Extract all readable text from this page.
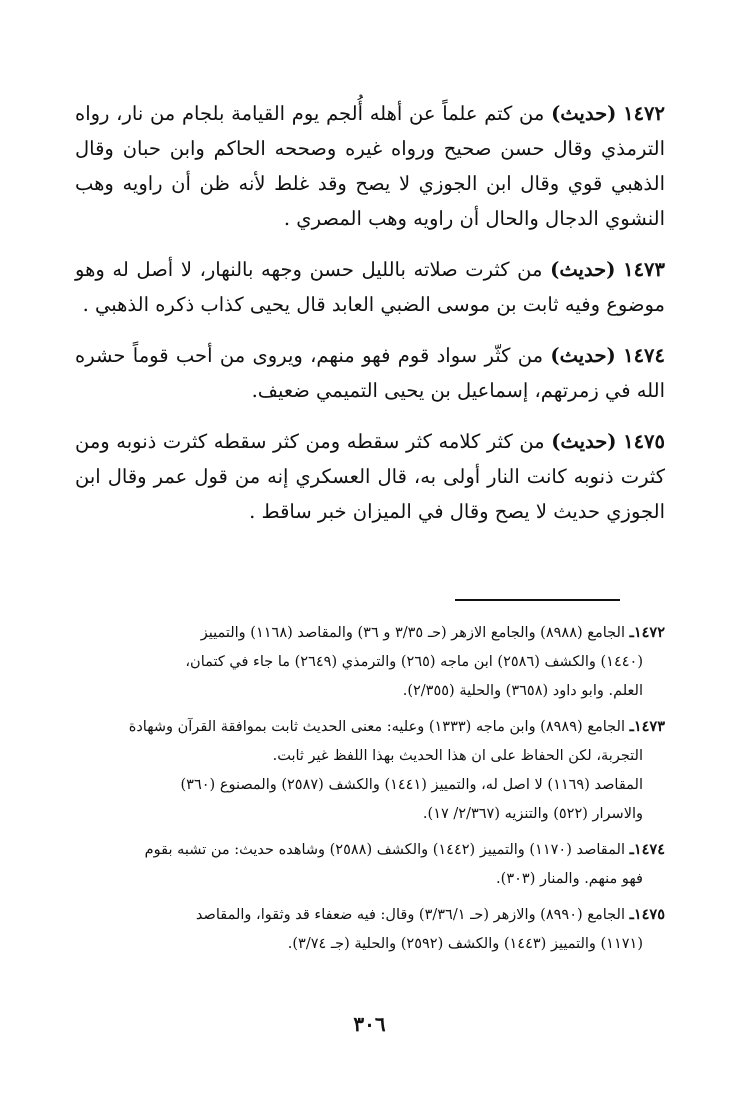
١٤٧٢ (حديث) من كتم علماً عن أهله أُلجم يوم القيامة بلجام من نار، رواه الترمذي وقال حسن صحيح ورواه غيره وصححه الحاكم وابن حبان وقال الذهبي قوي وقال ابن الجوزي لا يصح وقد غلط لأنه ظن أن راويه وهب النشوي الدجال والحال أن راويه وهب المصري .

١٤٧٣ (حديث) من كثرت صلاته بالليل حسن وجهه بالنهار، لا أصل له وهو موضوع وفيه ثابت بن موسى الضبي العابد قال يحيى كذاب ذكره الذهبي .

١٤٧٤ (حديث) من كثّر سواد قوم فهو منهم، ويروى من أحب قوماً حشره الله في زمرتهم، إسماعيل بن يحيى التميمي ضعيف.

١٤٧٥ (حديث) من كثر كلامه كثر سقطه ومن كثر سقطه كثرت ذنوبه ومن كثرت ذنوبه كانت النار أولى به، قال العسكري إنه من قول عمر وقال ابن الجوزي حديث لا يصح وقال في الميزان خبر ساقط .

١٤٧٢ـ الجامع (٨٩٨٨) والجامع الازهر (حـ ٣/٣٥ و ٣٦) والمقاصد (١١٦٨) والتمييز
(١٤٤٠) والكشف (٢٥٨٦) ابن ماجه (٢٦٥) والترمذي (٢٦٤٩) ما جاء في كتمان،
العلم. وابو داود (٣٦٥٨) والحلية (٢/٣٥٥).
١٤٧٣ـ الجامع (٨٩٨٩) وابن ماجه (١٣٣٣) وعليه: معنى الحديث ثابت بموافقة القرآن وشهادة
التجربة، لكن الحفاظ على ان هذا الحديث بهذا اللفظ غير ثابت.
المقاصد (١١٦٩) لا اصل له، والتمييز (١٤٤١) والكشف (٢٥٨٧) والمصنوع (٣٦٠)
والاسرار (٥٢٢) والتنزيه (٢/٣٦٧/ ١٧).
١٤٧٤ـ المقاصد (١١٧٠) والتمييز (١٤٤٢) والكشف (٢٥٨٨) وشاهده حديث: من تشبه بقوم
فهو منهم. والمنار (٣٠٣).
١٤٧٥ـ الجامع (٨٩٩٠) والازهر (حـ ٣/٣٦/١) وقال: فيه ضعفاء قد وثقوا، والمقاصد
(١١٧١) والتمييز (١٤٤٣) والكشف (٢٥٩٢) والحلية (جـ ٣/٧٤).
٣٠٦
